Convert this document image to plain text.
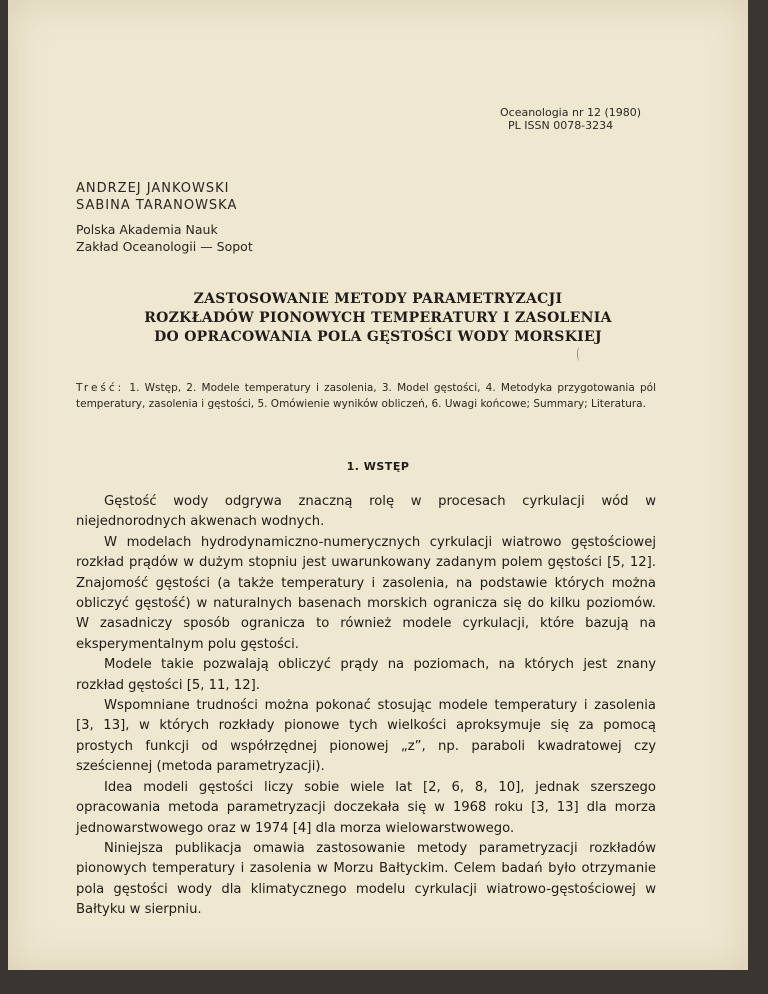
Oceanologia nr 12 (1980)
PL ISSN 0078-3234
ANDRZEJ JANKOWSKI
SABINA TARANOWSKA
Polska Akademia Nauk
Zakład Oceanologii — Sopot
ZASTOSOWANIE METODY PARAMETRYZACJI
ROZKŁADÓW PIONOWYCH TEMPERATURY I ZASOLENIA
DO OPRACOWANIA POLA GĘSTOŚCI WODY MORSKIEJ
Treść: 1. Wstęp, 2. Modele temperatury i zasolenia, 3. Model gęstości, 4. Metodyka przygotowania pól temperatury, zasolenia i gęstości, 5. Omówienie wyników obliczeń, 6. Uwagi końcowe; Summary; Literatura.
1. WSTĘP

Gęstość wody odgrywa znaczną rolę w procesach cyrkulacji wód w niejednorodnych akwenach wodnych.

W modelach hydrodynamiczno-numerycznych cyrkulacji wiatrowo gęstościowej rozkład prądów w dużym stopniu jest uwarunkowany zadanym polem gęstości [5, 12]. Znajomość gęstości (a także temperatury i zasolenia, na podstawie których można obliczyć gęstość) w naturalnych basenach morskich ogranicza się do kilku poziomów. W zasadniczy sposób ogranicza to również modele cyrkulacji, które bazują na eksperymentalnym polu gęstości.

Modele takie pozwalają obliczyć prądy na poziomach, na których jest znany rozkład gęstości [5, 11, 12].

Wspomniane trudności można pokonać stosując modele temperatury i zasolenia [3, 13], w których rozkłady pionowe tych wielkości aproksymuje się za pomocą prostych funkcji od współrzędnej pionowej „z”, np. paraboli kwadratowej czy sześciennej (metoda parametryzacji).

Idea modeli gęstości liczy sobie wiele lat [2, 6, 8, 10], jednak szerszego opracowania metoda parametryzacji doczekała się w 1968 roku [3, 13] dla morza jednowarstwowego oraz w 1974 [4] dla morza wielowarstwowego.

Niniejsza publikacja omawia zastosowanie metody parametryzacji rozkładów pionowych temperatury i zasolenia w Morzu Bałtyckim. Celem badań było otrzymanie pola gęstości wody dla klimatycznego modelu cyrkulacji wiatrowo-gęstościowej w Bałtyku w sierpniu.
